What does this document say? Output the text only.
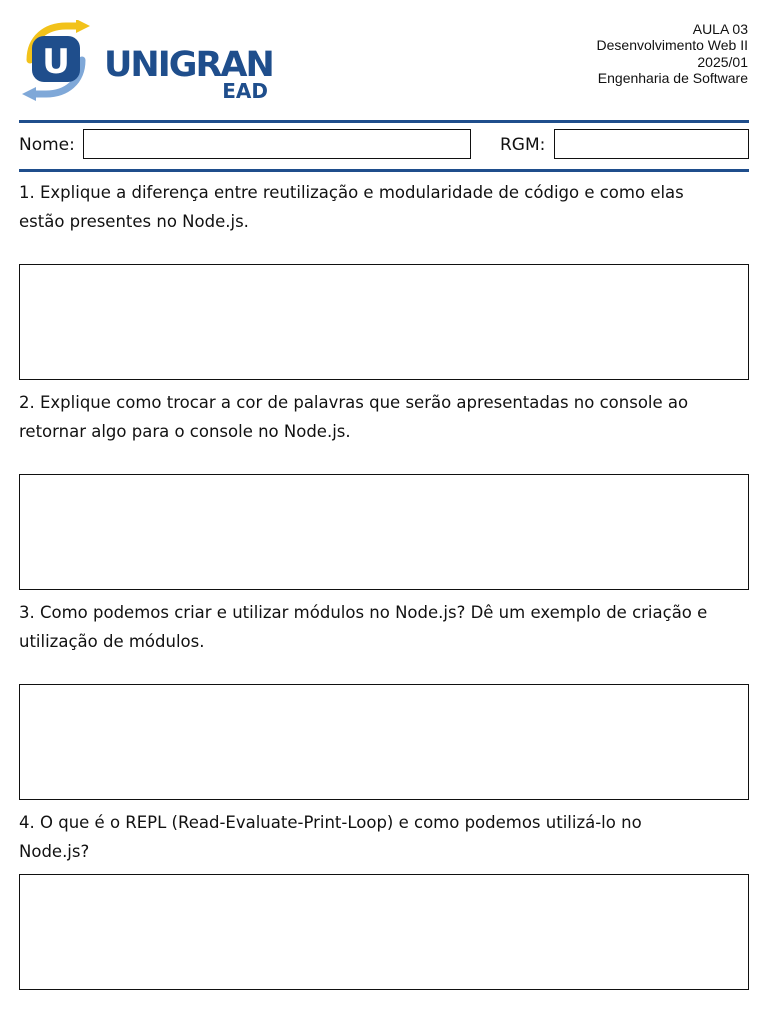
U UNIGRAN
EAD
AULA 03
Desenvolvimento Web II
2025/01
Engenharia de Software
Nome:	RGM:
1. Explique a diferença entre reutilização e modularidade de código e como elas
estão presentes no Node.js.
2. Explique como trocar a cor de palavras que serão apresentadas no console ao
retornar algo para o console no Node.js.
3. Como podemos criar e utilizar módulos no Node.js? Dê um exemplo de criação e
utilização de módulos.
4. O que é o REPL (Read-Evaluate-Print-Loop) e como podemos utilizá-lo no
Node.js?
